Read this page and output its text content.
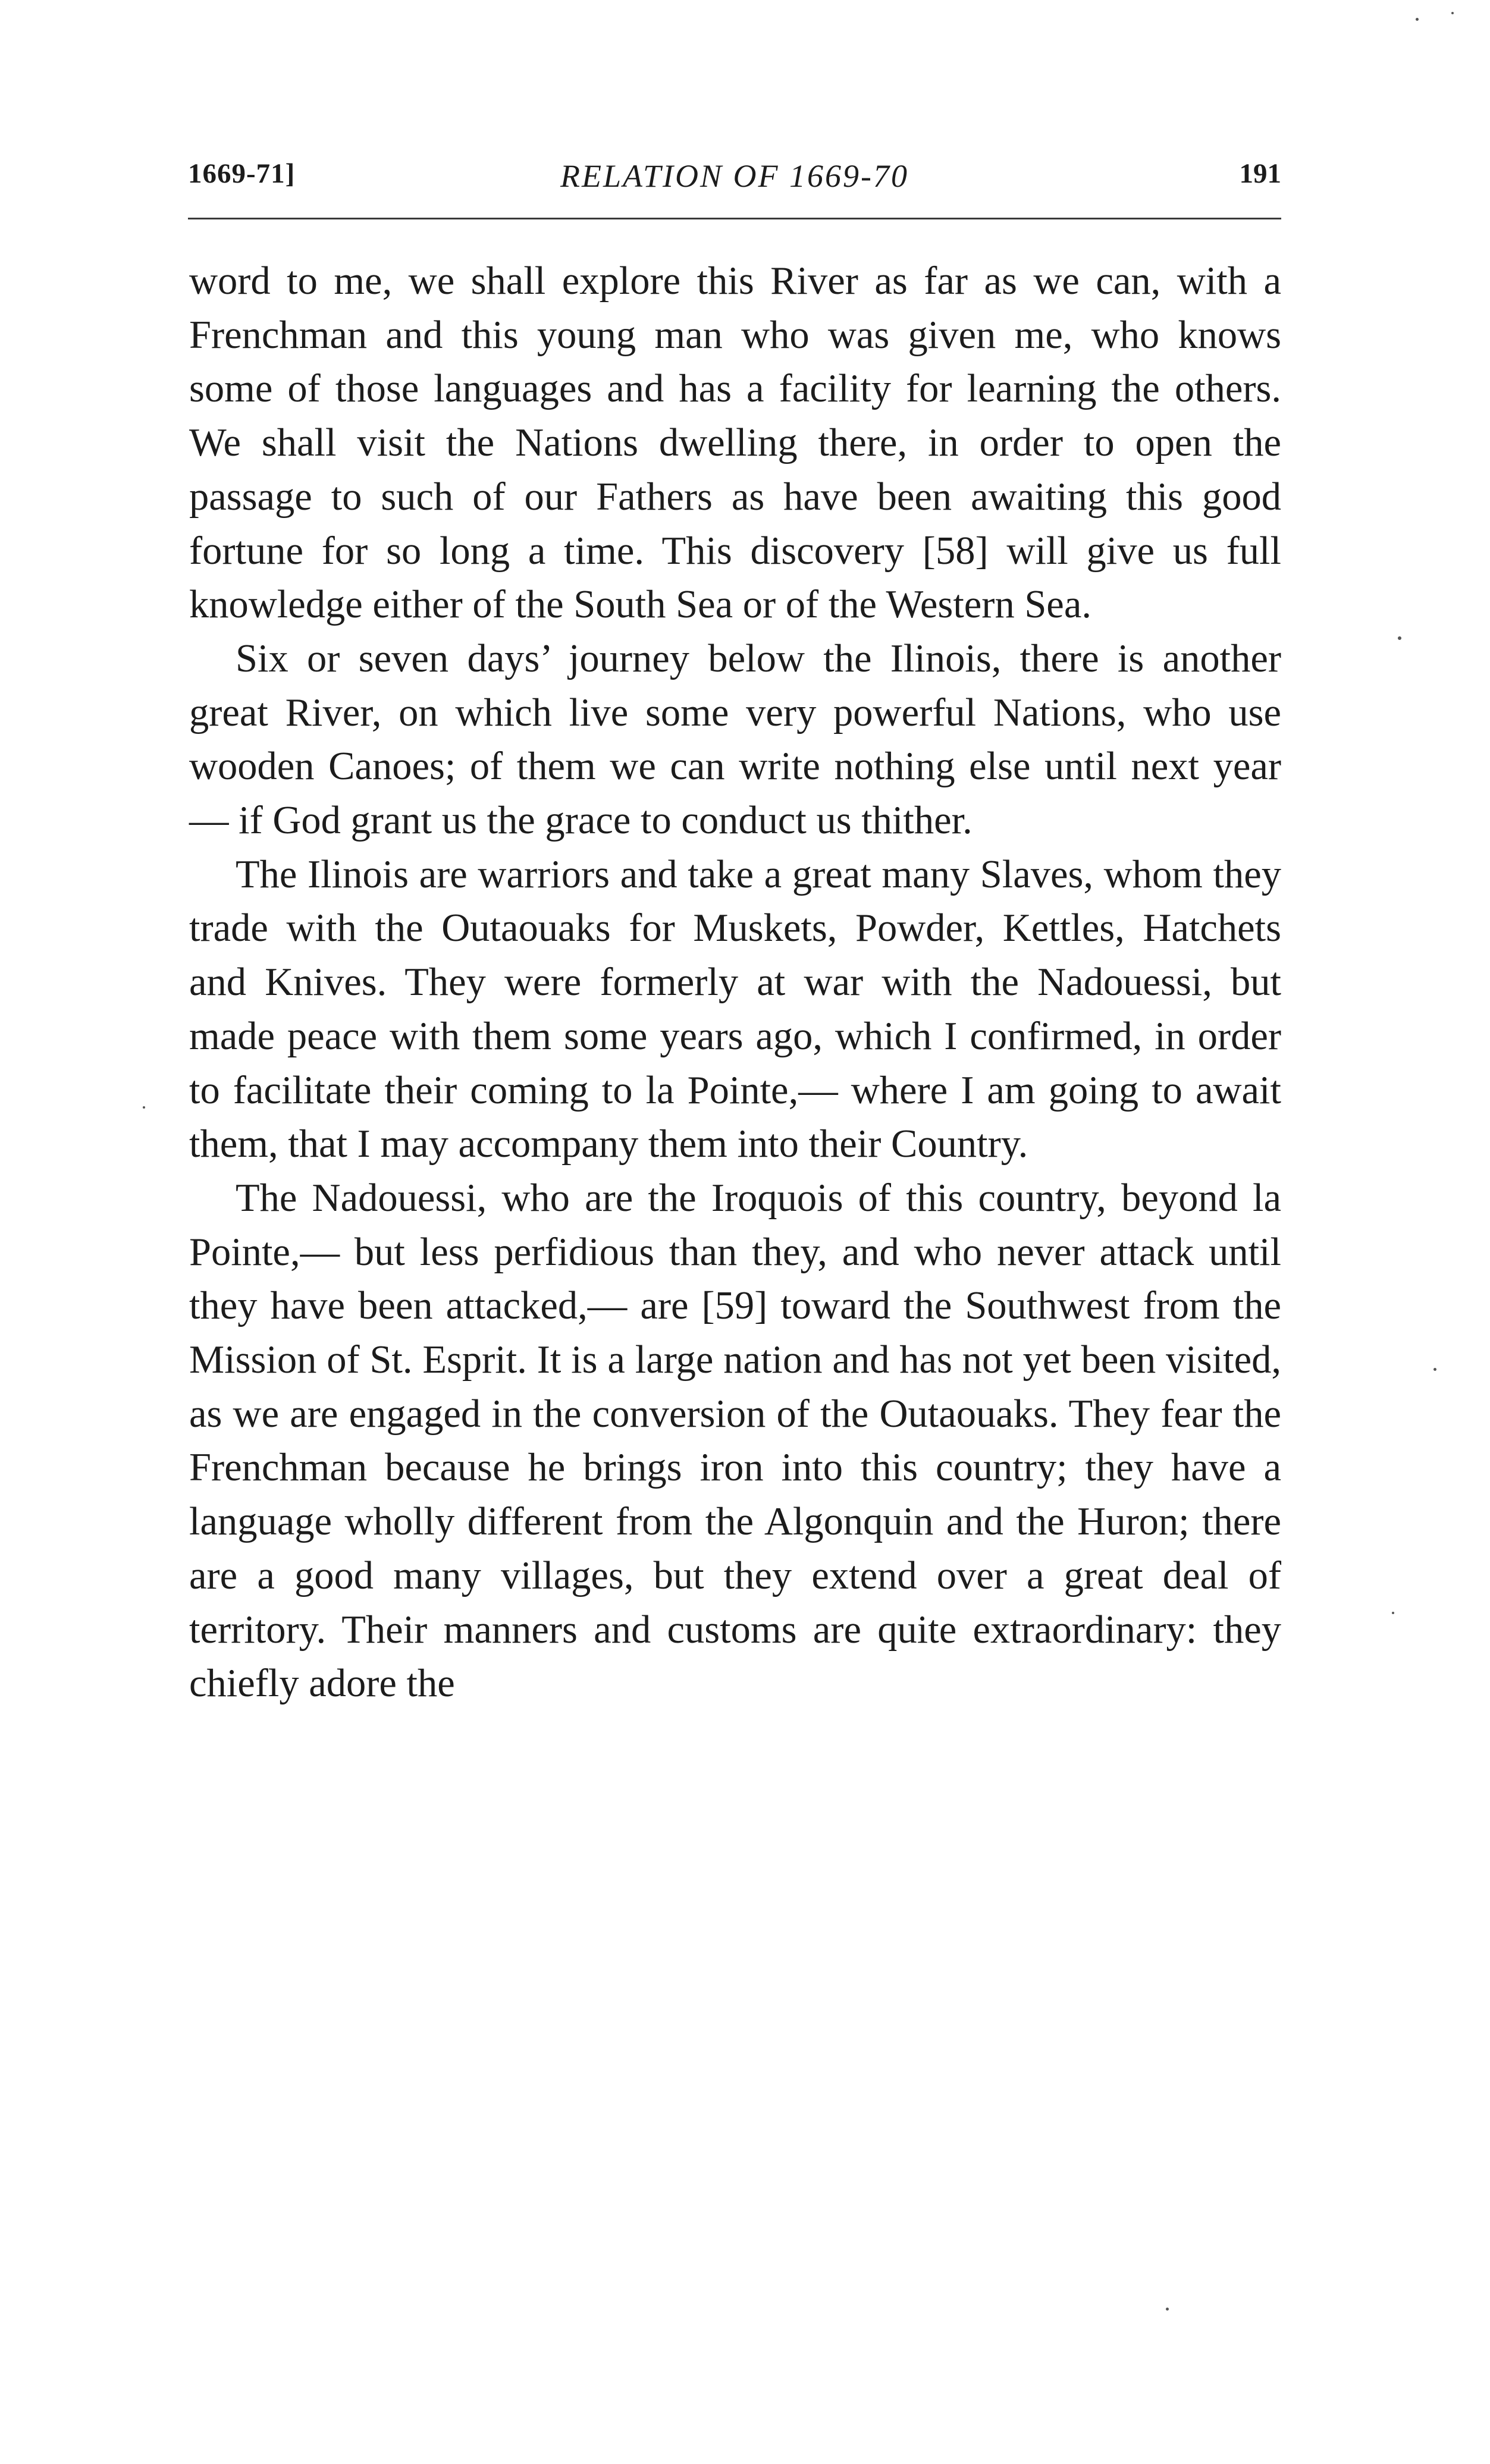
1669-71]	RELATION OF 1669-70	191

word to me, we shall explore this River as far as we can, with a Frenchman and this young man who was given me, who knows some of those languages and has a facility for learning the others. We shall visit the Nations dwelling there, in order to open the passage to such of our Fathers as have been awaiting this good fortune for so long a time. This discovery [58] will give us full knowledge either of the South Sea or of the Western Sea.

Six or seven days’ journey below the Ilinois, there is another great River, on which live some very powerful Nations, who use wooden Canoes; of them we can write nothing else until next year — if God grant us the grace to conduct us thither.

The Ilinois are warriors and take a great many Slaves, whom they trade with the Outaouaks for Muskets, Powder, Kettles, Hatchets and Knives. They were formerly at war with the Nadouessi, but made peace with them some years ago, which I confirmed, in order to facilitate their coming to la Pointe,— where I am going to await them, that I may accompany them into their Country.

The Nadouessi, who are the Iroquois of this country, beyond la Pointe,— but less perfidious than they, and who never attack until they have been attacked,— are [59] toward the Southwest from the Mission of St. Esprit. It is a large nation and has not yet been visited, as we are engaged in the conversion of the Outaouaks. They fear the Frenchman because he brings iron into this country; they have a language wholly different from the Algonquin and the Huron; there are a good many villages, but they extend over a great deal of territory. Their manners and customs are quite extraordinary: they chiefly adore the
